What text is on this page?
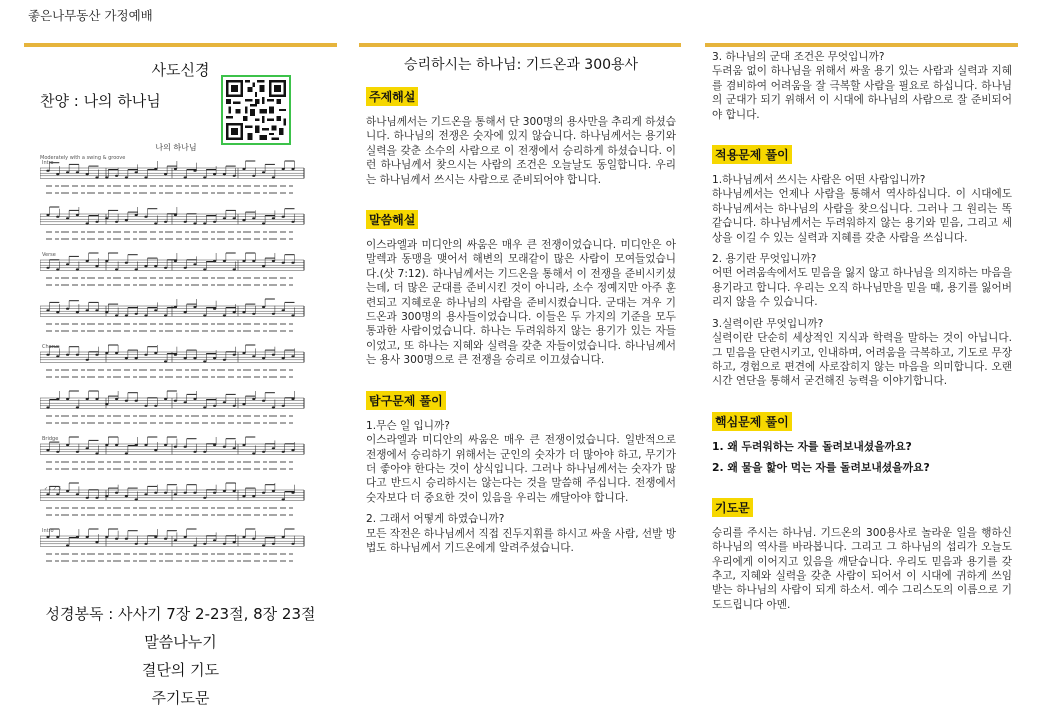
좋은나무동산 가정예배
사도신경
찬양 : 나의 하나님
나의 하나님
Moderately with a swing & groove
✓1.2.3
Intro
Verse
Chorus
Bridge
Intro
성경봉독 : 사사기 7장 2-23절, 8장 23절
말씀나누기
결단의 기도
주기도문
승리하시는 하나님: 기드온과 300용사
주제해설
하나님께서는 기드온을 통해서 단 300명의 용사만을 추리게 하셨습니다. 하나님의 전쟁은 숫자에 있지 않습니다. 하나님께서는 용기와 실력을 갖춘 소수의 사람으로 이 전쟁에서 승리하게 하셨습니다. 이런 하나님께서 찾으시는 사람의 조건은 오늘날도 동일합니다. 우리는 하나님께서 쓰시는 사람으로 준비되어야 합니다.
말씀해설
이스라엘과 미디안의 싸움은 매우 큰 전쟁이었습니다. 미디안은 아말렉과 동맹을 맺어서 해변의 모래같이 많은 사람이 모여들었습니다.(삿 7:12). 하나님께서는 기드온을 통해서 이 전쟁을 준비시키셨는데, 더 많은 군대를 준비시킨 것이 아니라, 소수 정예지만 아주 훈련되고 지혜로운 하나님의 사람을 준비시켰습니다. 군대는 겨우 기드온과 300명의 용사들이었습니다. 이들은 두 가지의 기준을 모두 통과한 사람이었습니다. 하나는 두려워하지 않는 용기가 있는 자들이었고, 또 하나는 지혜와 실력을 갖춘 자들이었습니다. 하나님께서는 용사 300명으로 큰 전쟁을 승리로 이끄셨습니다.
탐구문제 풀이
1.무슨 일 입니까?
이스라엘과 미디안의 싸움은 매우 큰 전쟁이었습니다. 일반적으로 전쟁에서 승리하기 위해서는 군인의 숫자가 더 많아야 하고, 무기가 더 좋아야 한다는 것이 상식입니다. 그러나 하나님께서는 숫자가 많다고 반드시 승리하시는 않는다는 것을 말씀해 주십니다. 전쟁에서 숫자보다 더 중요한 것이 있음을 우리는 깨달아야 합니다.
2. 그래서 어떻게 하였습니까?
모든 작전은 하나님께서 직접 진두지휘를 하시고 싸울 사람, 선발 방법도 하나님께서 기드온에게 알려주셨습니다.
3. 하나님의 군대 조건은 무엇입니까?
두려움 없이 하나님을 위해서 싸울 용기 있는 사람과 실력과 지혜를 겸비하여 어려움을 잘 극복할 사람을 필요로 하십니다. 하나님의 군대가 되기 위해서 이 시대에 하나님의 사람으로 잘 준비되어야 합니다.
적용문제 풀이
1.하나님께서 쓰시는 사람은 어떤 사람입니까?
하나님께서는 언제나 사람을 통해서 역사하십니다. 이 시대에도 하나님께서는 하나님의 사람을 찾으십니다. 그러나 그 원리는 똑같습니다. 하나님께서는 두려워하지 않는 용기와 믿음, 그리고 세상을 이길 수 있는 실력과 지혜를 갖춘 사람을 쓰십니다.
2. 용기란 무엇입니까?
어떤 어려움속에서도 믿음을 잃지 않고 하나님을 의지하는 마음을 용기라고 합니다. 우리는 오직 하나님만을 믿을 때, 용기를 잃어버리지 않을 수 있습니다.
3.실력이란 무엇입니까?
실력이란 단순히 세상적인 지식과 학력을 말하는 것이 아닙니다. 그 믿음을 단련시키고, 인내하며, 어려움을 극복하고, 기도로 무장하고, 경험으로 편견에 사로잡히지 않는 마음을 의미합니다. 오랜 시간 연단을 통해서 굳건해진 능력을 이야기합니다.
핵심문제 풀이
1. 왜 두려워하는 자를 돌려보내셨을까요?
2. 왜 물을 핥아 먹는 자를 돌려보내셨을까요?
기도문
승리를 주시는 하나님. 기드온의 300용사로 놀라운 일을 행하신 하나님의 역사를 바라봅니다. 그리고 그 하나님의 섭리가 오늘도 우리에게 이어지고 있음을 깨닫습니다. 우리도 믿음과 용기를 갖추고, 지혜와 실력을 갖춘 사람이 되어서 이 시대에 귀하게 쓰임 받는 하나님의 사람이 되게 하소서. 예수 그리스도의 이름으로 기도드립니다 아멘.
